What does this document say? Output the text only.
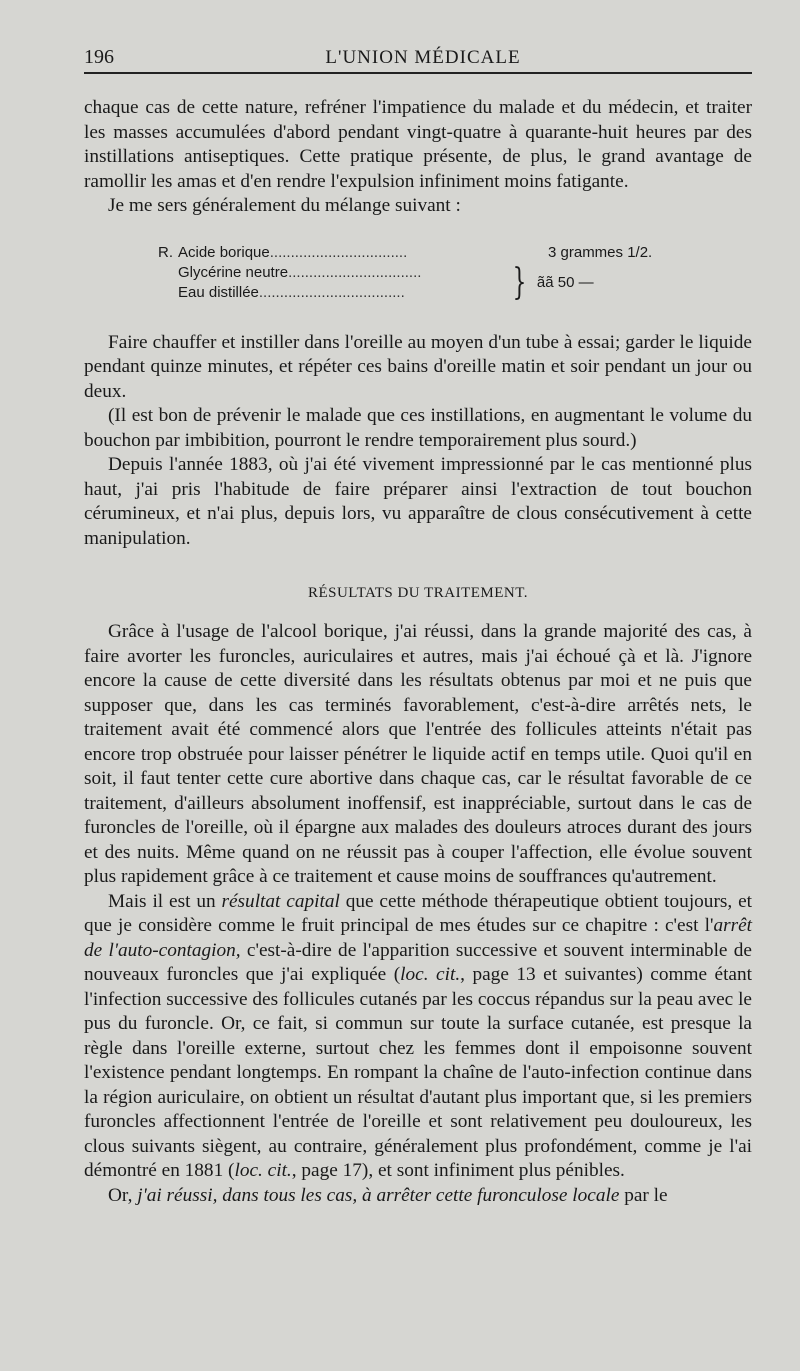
196	L'UNION MÉDICALE

chaque cas de cette nature, refréner l'impatience du malade et du médecin, et traiter les masses accumulées d'abord pendant vingt-quatre à quarante-huit heures par des instillations antiseptiques. Cette pratique présente, de plus, le grand avantage de ramollir les amas et d'en rendre l'expulsion infiniment moins fatigante.

Je me sers généralement du mélange suivant :

R. Acide borique.................................	3 grammes 1/2.
Glycérine neutre................................
Eau distillée...................................	} ãã 50 —

Faire chauffer et instiller dans l'oreille au moyen d'un tube à essai; garder le liquide pendant quinze minutes, et répéter ces bains d'oreille matin et soir pendant un jour ou deux.

(Il est bon de prévenir le malade que ces instillations, en augmentant le volume du bouchon par imbibition, pourront le rendre temporairement plus sourd.)

Depuis l'année 1883, où j'ai été vivement impressionné par le cas mentionné plus haut, j'ai pris l'habitude de faire préparer ainsi l'extraction de tout bouchon cérumineux, et n'ai plus, depuis lors, vu apparaître de clous consécutivement à cette manipulation.

RÉSULTATS DU TRAITEMENT.

Grâce à l'usage de l'alcool borique, j'ai réussi, dans la grande majorité des cas, à faire avorter les furoncles, auriculaires et autres, mais j'ai échoué çà et là. J'ignore encore la cause de cette diversité dans les résultats obtenus par moi et ne puis que supposer que, dans les cas terminés favorablement, c'est-à-dire arrêtés nets, le traitement avait été commencé alors que l'entrée des follicules atteints n'était pas encore trop obstruée pour laisser pénétrer le liquide actif en temps utile. Quoi qu'il en soit, il faut tenter cette cure abortive dans chaque cas, car le résultat favorable de ce traitement, d'ailleurs absolument inoffensif, est inappréciable, surtout dans le cas de furoncles de l'oreille, où il épargne aux malades des douleurs atroces durant des jours et des nuits. Même quand on ne réussit pas à couper l'affection, elle évolue souvent plus rapidement grâce à ce traitement et cause moins de souffrances qu'autrement.

Mais il est un résultat capital que cette méthode thérapeutique obtient toujours, et que je considère comme le fruit principal de mes études sur ce chapitre : c'est l'arrêt de l'auto-contagion, c'est-à-dire de l'apparition successive et souvent interminable de nouveaux furoncles que j'ai expliquée (loc. cit., page 13 et suivantes) comme étant l'infection successive des follicules cutanés par les coccus répandus sur la peau avec le pus du furoncle. Or, ce fait, si commun sur toute la surface cutanée, est presque la règle dans l'oreille externe, surtout chez les femmes dont il empoisonne souvent l'existence pendant longtemps. En rompant la chaîne de l'auto-infection continue dans la région auriculaire, on obtient un résultat d'autant plus important que, si les premiers furoncles affectionnent l'entrée de l'oreille et sont relativement peu douloureux, les clous suivants siègent, au contraire, généralement plus profondément, comme je l'ai démontré en 1881 (loc. cit., page 17), et sont infiniment plus pénibles.

Or, j'ai réussi, dans tous les cas, à arrêter cette furonculose locale par le
